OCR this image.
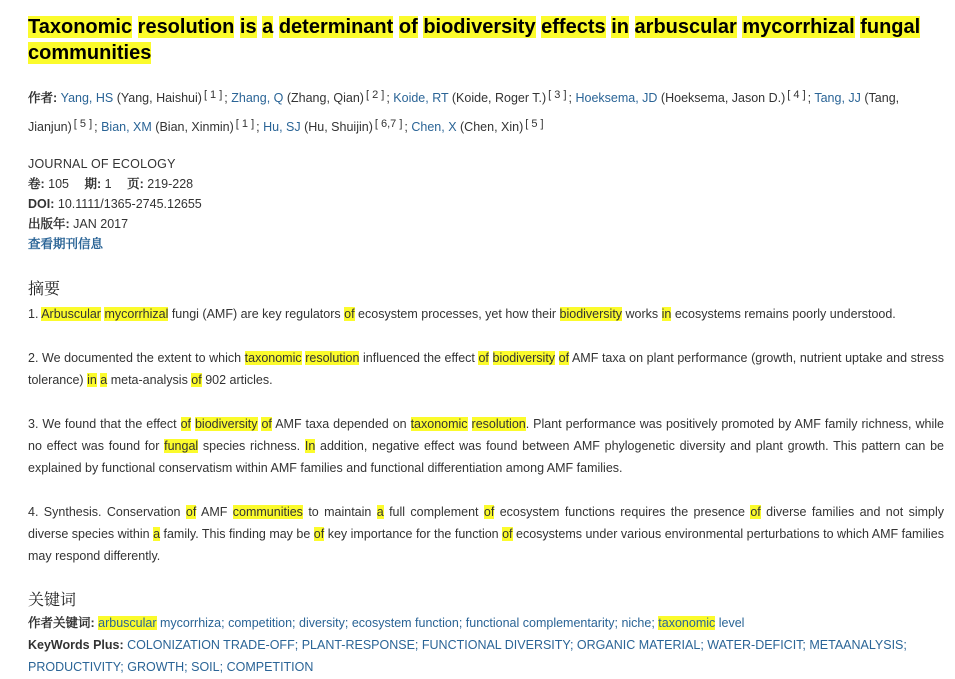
Taxonomic resolution is a determinant of biodiversity effects in arbuscular mycorrhizal fungal communities
作者: Yang, HS (Yang, Haishui) [ 1 ] ; Zhang, Q (Zhang, Qian) [ 2 ] ; Koide, RT (Koide, Roger T.) [ 3 ] ; Hoeksema, JD (Hoeksema, Jason D.) [ 4 ] ; Tang, JJ (Tang, Jianjun) [ 5 ] ; Bian, XM (Bian, Xinmin) [ 1 ] ; Hu, SJ (Hu, Shuijin) [ 6,7 ] ; Chen, X (Chen, Xin) [ 5 ]
JOURNAL OF ECOLOGY
卷: 105 期: 1 页: 219-228
DOI: 10.1111/1365-2745.12655
出版年: JAN 2017
查看期刊信息
摘要

1. Arbuscular mycorrhizal fungi (AMF) are key regulators of ecosystem processes, yet how their biodiversity works in ecosystems remains poorly understood.

2. We documented the extent to which taxonomic resolution influenced the effect of biodiversity of AMF taxa on plant performance (growth, nutrient uptake and stress tolerance) in a meta-analysis of 902 articles.

3. We found that the effect of biodiversity of AMF taxa depended on taxonomic resolution. Plant performance was positively promoted by AMF family richness, while no effect was found for fungal species richness. In addition, negative effect was found between AMF phylogenetic diversity and plant growth. This pattern can be explained by functional conservatism within AMF families and functional differentiation among AMF families.

4. Synthesis. Conservation of AMF communities to maintain a full complement of ecosystem functions requires the presence of diverse families and not simply diverse species within a family. This finding may be of key importance for the function of ecosystems under various environmental perturbations to which AMF families may respond differently.

关键词
作者关键词: arbuscular mycorrhiza; competition; diversity; ecosystem function; functional complementarity; niche; taxonomic level
KeyWords Plus: COLONIZATION TRADE-OFF; PLANT-RESPONSE; FUNCTIONAL DIVERSITY; ORGANIC MATERIAL; WATER-DEFICIT; METAANALYSIS; PRODUCTIVITY; GROWTH; SOIL; COMPETITION
